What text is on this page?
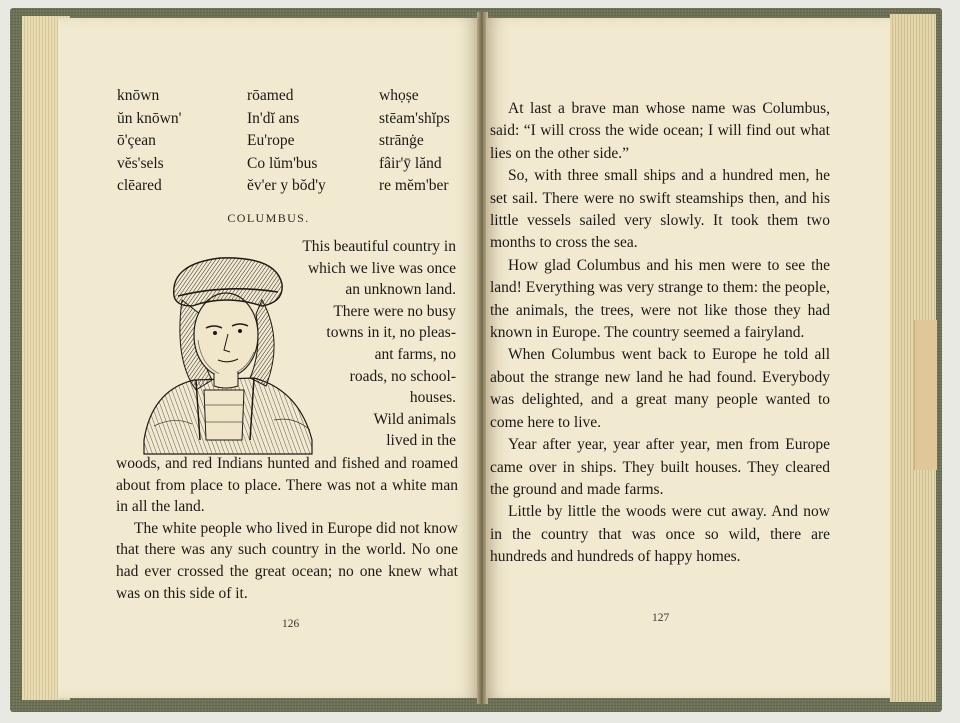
knōwn	rōamed	whọșe
ŭn knōwn'	In'dĭ ans	stēam'shĭps
ō'çean	Eu'rope	strānġe
vĕs'sels	Co lŭm'bus	fâir'ȳ lănd
clēared	ĕv'er y bŏd'y	re mĕm'ber
COLUMBUS.
This beautiful country in
which we live was once
an unknown land.
There were no busy
towns in it, no pleas-
ant farms, no
roads, no school-
houses.
Wild animals
lived in the

woods, and red Indians hunted and fished and roamed about from place to place. There was not a white man in all the land.

The white people who lived in Europe did not know that there was any such country in the world. No one had ever crossed the great ocean; no one knew what was on this side of it.

126

At last a brave man whose name was Columbus, said: “I will cross the wide ocean; I will find out what lies on the other side.”

So, with three small ships and a hundred men, he set sail. There were no swift steamships then, and his little vessels sailed very slowly. It took them two months to cross the sea.

How glad Columbus and his men were to see the land! Everything was very strange to them: the people, the animals, the trees, were not like those they had known in Europe. The country seemed a fairyland.

When Columbus went back to Europe he told all about the strange new land he had found. Everybody was delighted, and a great many people wanted to come here to live.

Year after year, year after year, men from Europe came over in ships. They built houses. They cleared the ground and made farms.

Little by little the woods were cut away. And now in the country that was once so wild, there are hundreds and hundreds of happy homes.

127
